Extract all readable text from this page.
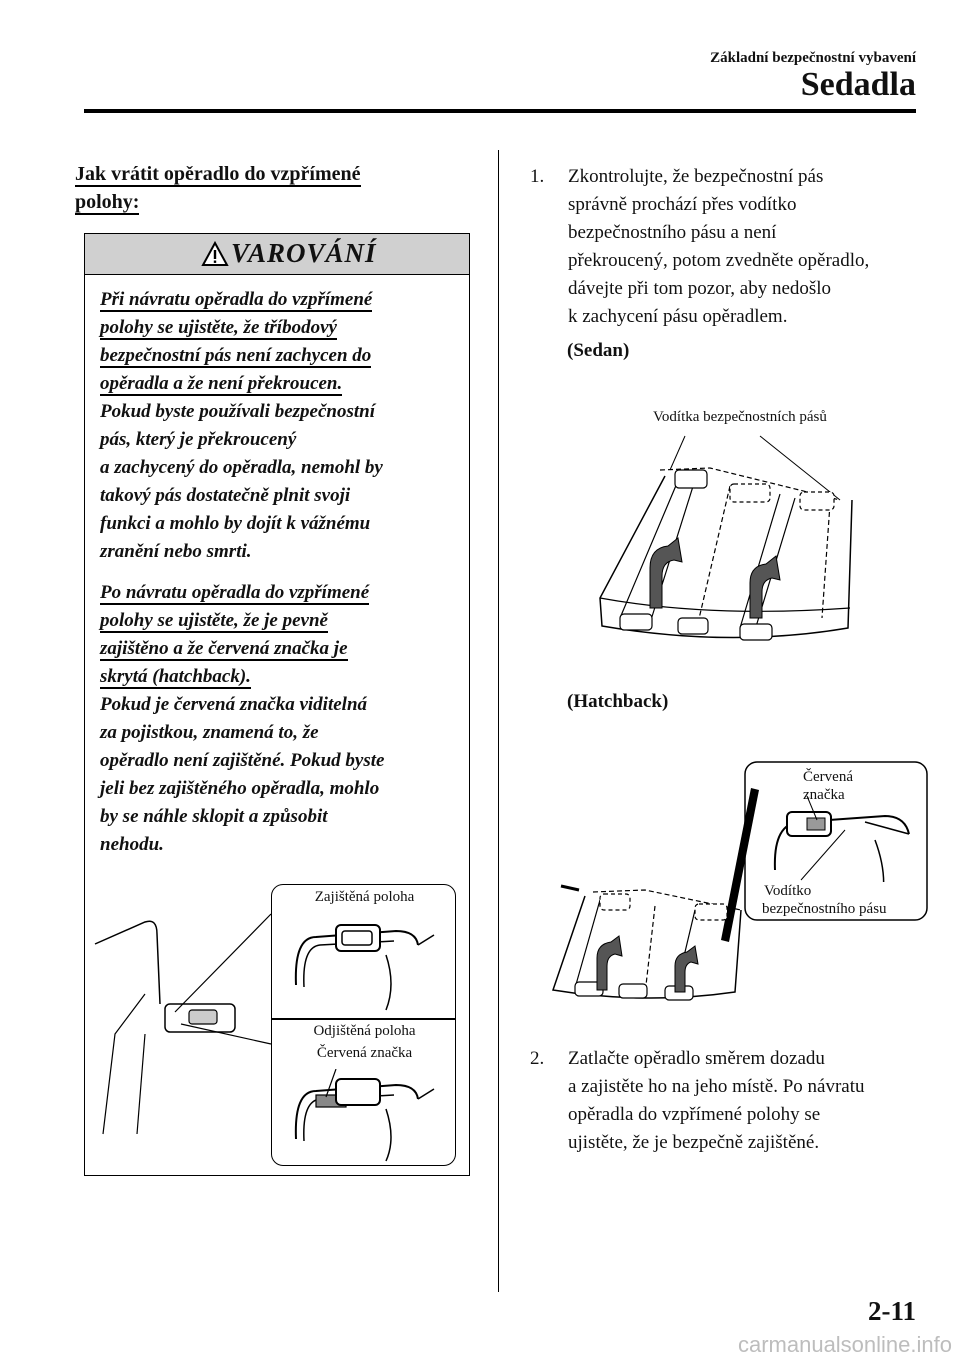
Základní bezpečnostní vybavení
Sedadla
Jak vrátit opěradlo do vzpřímené
polohy:
VAROVÁNÍ
Při návratu opěradla do vzpřímené
polohy se ujistěte, že tříbodový
bezpečnostní pás není zachycen do
opěradla a že není překroucen.
Pokud byste používali bezpečnostní
pás, který je překroucený
a zachycený do opěradla, nemohl by
takový pás dostatečně plnit svoji
funkci a mohlo by dojít k vážnému
zranění nebo smrti.
Po návratu opěradla do vzpřímené
polohy se ujistěte, že je pevně
zajištěno a že červená značka je
skrytá (hatchback).
Pokud je červená značka viditelná
za pojistkou, znamená to, že
opěradlo není zajištěné. Pokud byste
jeli bez zajištěného opěradla, mohlo
by se náhle sklopit a způsobit
nehodu.
Zajištěná poloha
Odjištěná poloha
Červená značka
1. Zkontrolujte, že bezpečnostní pás
správně prochází přes vodítko
bezpečnostního pásu a není
překroucený, potom zvedněte opěradlo,
dávejte při tom pozor, aby nedošlo
k zachycení pásu opěradlem.
(Sedan)
Vodítka bezpečnostních pásů
(Hatchback)
Červená
značka
Vodítko
bezpečnostního pásu
2. Zatlačte opěradlo směrem dozadu
a zajistěte ho na jeho místě. Po návratu
opěradla do vzpřímené polohy se
ujistěte, že je bezpečně zajištěné.
2-11
carmanualsonline.info
